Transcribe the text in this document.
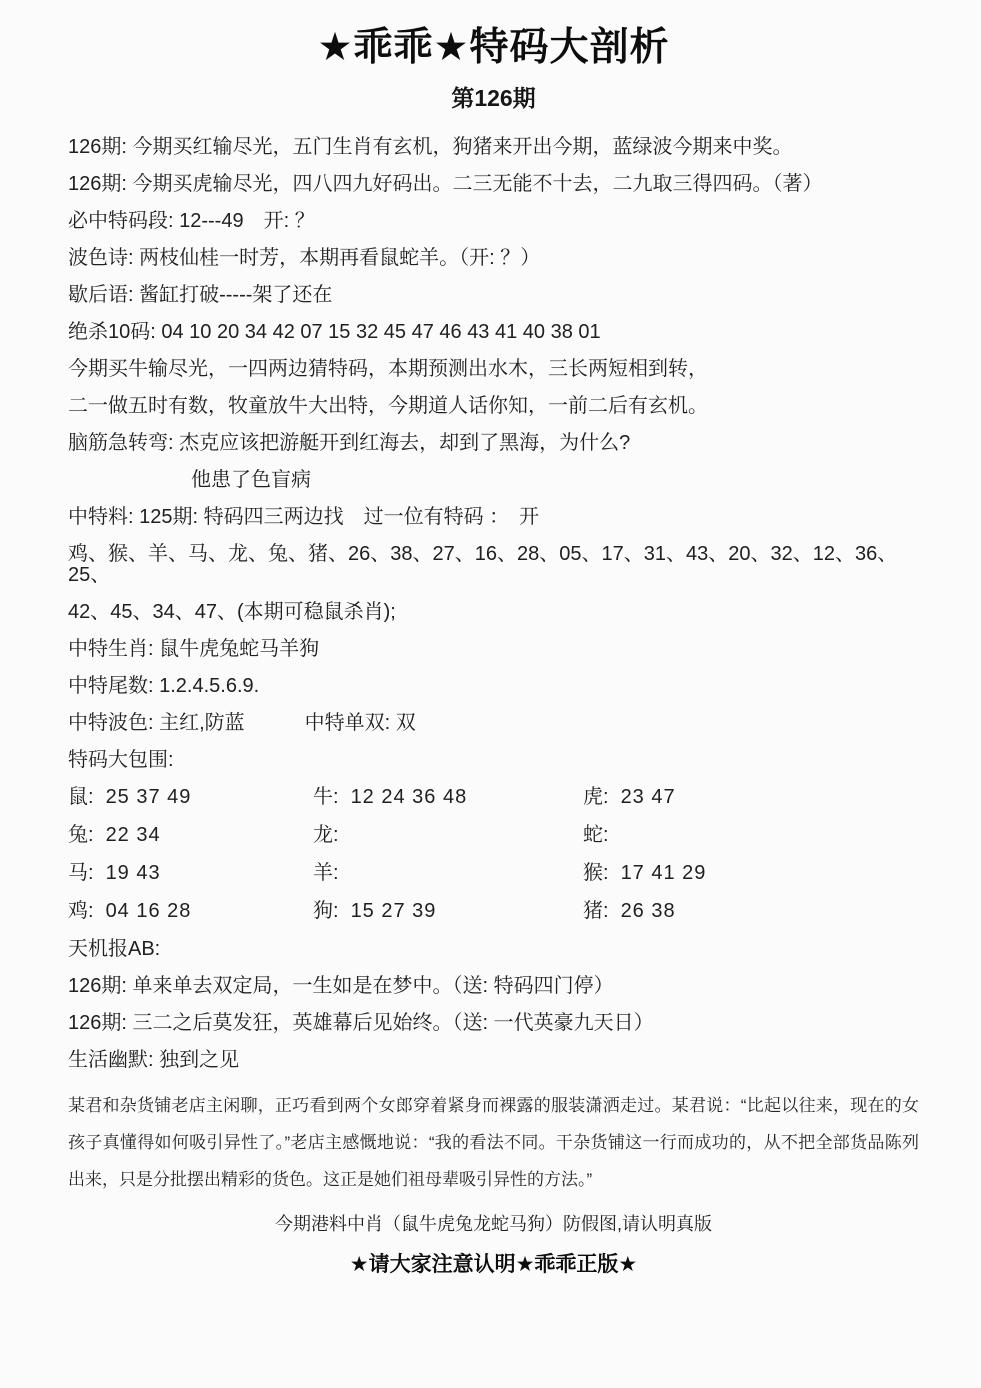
★乖乖★特码大剖析
第126期
126期: 今期买红输尽光，五门生肖有玄机，狗猪来开出今期，蓝绿波今期来中奖。
126期: 今期买虎输尽光，四八四九好码出。二三无能不十去，二九取三得四码。（著）
必中特码段: 12---49　开: ？
波色诗: 两枝仙桂一时芳，本期再看鼠蛇羊。（开: ？）
歇后语: 酱缸打破-----架了还在
绝杀10码: 04 10 20 34 42 07 15 32 45 47 46 43 41 40 38 01
今期买牛输尽光，一四两边猜特码，本期预测出水木，三长两短相到转，
二一做五时有数，牧童放牛大出特，今期道人话你知，一前二后有玄机。
脑筋急转弯: 杰克应该把游艇开到红海去，却到了黑海，为什么?
他患了色盲病
中特料: 125期: 特码四三两边找　过一位有特码 ：　开
鸡、猴、羊、马、龙、兔、猪、26、38、27、16、28、05、17、31、43、20、32、12、36、25、
42、45、34、47、(本期可稳鼠杀肖);
中特生肖: 鼠牛虎兔蛇马羊狗
中特尾数: 1.2.4.5.6.9.
中特波色: 主红,防蓝　　　中特单双: 双
特码大包围:
鼠: 25 37 49	牛: 12 24 36 48	虎: 23 47
兔: 22 34	龙:	蛇:
马: 19 43	羊:	猴: 17 41 29
鸡: 04 16 28	狗: 15 27 39	猪: 26 38
天机报AB:
126期: 单来单去双定局，一生如是在梦中。（送: 特码四门停）
126期: 三二之后莫发狂，英雄幕后见始终。（送: 一代英豪九天日）
生活幽默: 独到之见

某君和杂货铺老店主闲聊，正巧看到两个女郎穿着紧身而裸露的服装潇洒走过。某君说：“比起以往来，现在的女孩子真懂得如何吸引异性了。”老店主感慨地说：“我的看法不同。干杂货铺这一行而成功的，从不把全部货品陈列出来，只是分批摆出精彩的货色。这正是她们祖母辈吸引异性的方法。”

今期港料中肖（鼠牛虎兔龙蛇马狗）防假图,请认明真版
★请大家注意认明★乖乖正版★
